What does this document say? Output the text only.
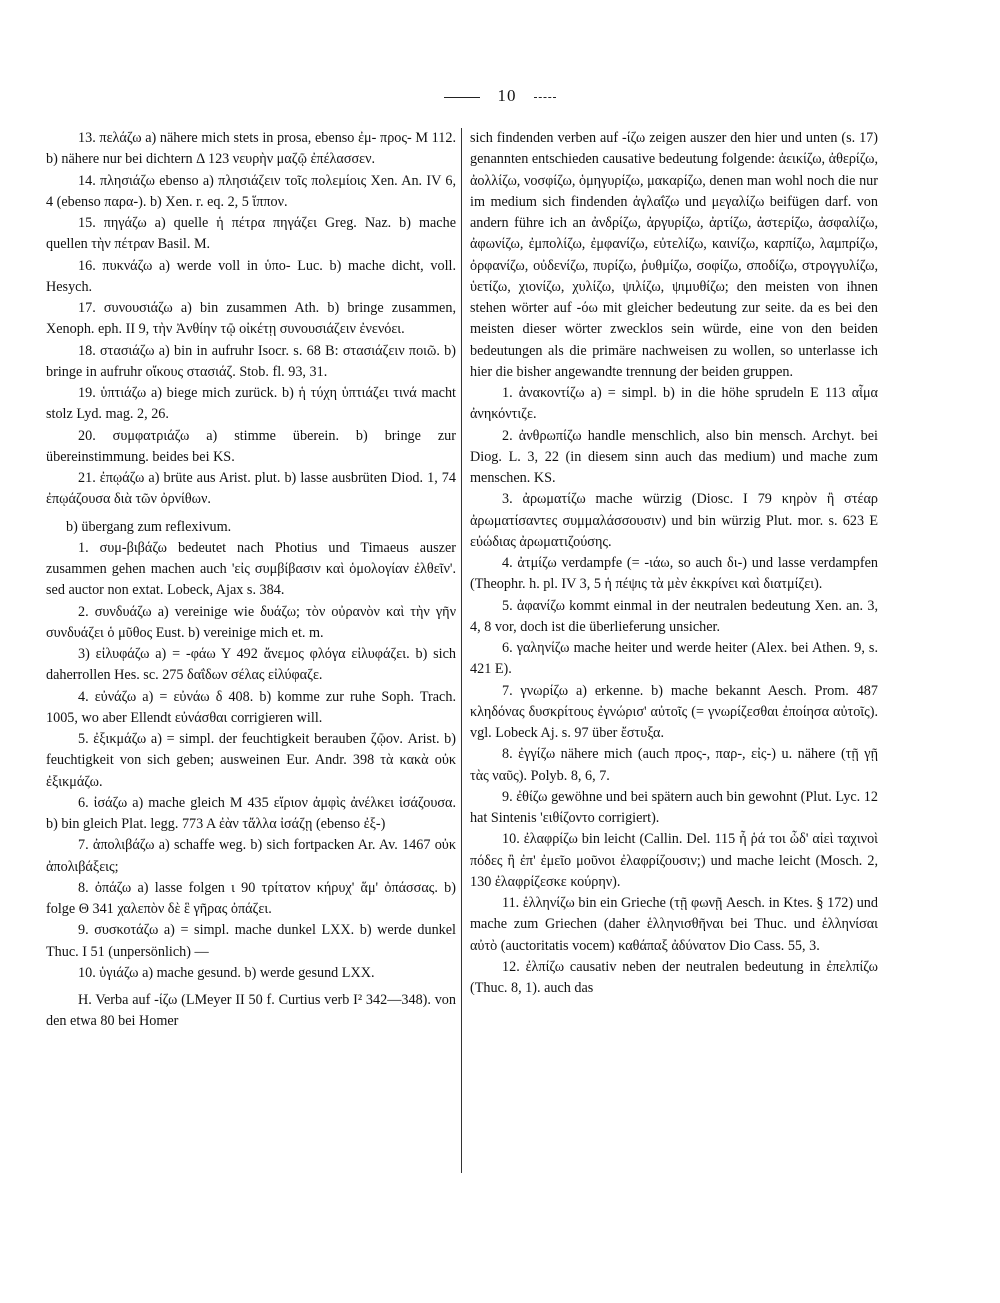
10

13. πελάζω a) nähere mich stets in prosa, ebenso ἐμ- προς- Μ 112. b) nähere nur bei dichtern Δ 123 νευρὴν μαζῷ ἐπέλασσεν.

14. πλησιάζω ebenso a) πλησιάζειν τοῖς πολεμίοις Xen. An. IV 6, 4 (ebenso παρα-). b) Xen. r. eq. 2, 5 ἵππον.

15. πηγάζω a) quelle ἡ πέτρα πηγάζει Greg. Naz. b) mache quellen τὴν πέτραν Basil. M.

16. πυκνάζω a) werde voll in ὑπο- Luc. b) mache dicht, voll. Hesych.

17. συνουσιάζω a) bin zusammen Ath. b) bringe zusammen, Xenoph. eph. II 9, τὴν Ἀνθίην τῷ οἰκέτῃ συνουσιάζειν ἐνενόει.

18. στασιάζω a) bin in aufruhr Isocr. s. 68 B: στασιάζειν ποιῶ. b) bringe in aufruhr οἴκους στασιάζ. Stob. fl. 93, 31.

19. ὑπτιάζω a) biege mich zurück. b) ἡ τύχη ὑπτιάζει τινά macht stolz Lyd. mag. 2, 26.

20. συμφατριάζω a) stimme überein. b) bringe zur übereinstimmung. beides bei KS.

21. ἐπῳάζω a) brüte aus Arist. plut. b) lasse ausbrüten Diod. 1, 74 ἐπῳάζουσα διὰ τῶν ὀρνίθων.

b) übergang zum reflexivum.

1. συμ-βιβάζω bedeutet nach Photius und Timaeus auszer zusammen gehen machen auch 'εἰς συμβίβασιν καὶ ὁμολογίαν ἐλθεῖν'. sed auctor non extat. Lobeck, Ajax s. 384.

2. συνδυάζω a) vereinige wie δυάζω; τὸν οὐρανὸν καὶ τὴν γῆν συνδυάζει ὁ μῦθος Eust. b) vereinige mich et. m.

3) εἰλυφάζω a) = -φάω Υ 492 ἄνεμος φλόγα εἰλυφάζει. b) sich daherrollen Hes. sc. 275 δαΐδων σέλας εἰλύφαζε.

4. εὐνάζω a) = εὐνάω δ 408. b) komme zur ruhe Soph. Trach. 1005, wo aber Ellendt εὐνάσθαι corrigieren will.

5. ἐξικμάζω a) = simpl. der feuchtigkeit berauben ζῷον. Arist. b) feuchtigkeit von sich geben; ausweinen Eur. Andr. 398 τὰ κακὰ οὐκ ἐξικμάζω.

6. ἰσάζω a) mache gleich Μ 435 εἴριον ἀμφὶς ἀνέλκει ἰσάζουσα. b) bin gleich Plat. legg. 773 A ἐὰν τἄλλα ἰσάζῃ (ebenso ἐξ-)

7. ἀπολιβάζω a) schaffe weg. b) sich fortpacken Ar. Av. 1467 οὐκ ἀπολιβάξεις;

8. ὀπάζω a) lasse folgen ι 90 τρίτατον κήρυχ' ἅμ' ὀπάσσας. b) folge Θ 341 χαλεπὸν δὲ ἓ γῆρας ὀπάζει.

9. συσκοτάζω a) = simpl. mache dunkel LXX. b) werde dunkel Thuc. I 51 (unpersönlich) —

10. ὑγιάζω a) mache gesund. b) werde gesund LXX.

H. Verba auf -ίζω (LMeyer II 50 f. Curtius verb I² 342—348). von den etwa 80 bei Homer

sich findenden verben auf -ίζω zeigen auszer den hier und unten (s. 17) genannten entschieden causative bedeutung folgende: ἀεικίζω, ἀθερίζω, ἀολλίζω, νοσφίζω, ὁμηγυρίζω, μακαρίζω, denen man wohl noch die nur im medium sich findenden ἀγλαΐζω und μεγαλίζω beifügen darf. von andern führe ich an ἀνδρίζω, ἀργυρίζω, ἀρτίζω, ἀστερίζω, ἀσφαλίζω, ἀφωνίζω, ἐμπολίζω, ἐμφανίζω, εὐτελίζω, καινίζω, καρπίζω, λαμπρίζω, ὀρφανίζω, οὐδενίζω, πυρίζω, ῥυθμίζω, σοφίζω, σποδίζω, στρογγυλίζω, ὑετίζω, χιονίζω, χυλίζω, ψιλίζω, ψιμυθίζω; den meisten von ihnen stehen wörter auf -όω mit gleicher bedeutung zur seite. da es bei den meisten dieser wörter zwecklos sein würde, eine von den beiden bedeutungen als die primäre nachweisen zu wollen, so unterlasse ich hier die bisher angewandte trennung der beiden gruppen.

1. ἀνακοντίζω a) = simpl. b) in die höhe sprudeln Ε 113 αἷμα ἀνηκόντιζε.

2. ἀνθρωπίζω handle menschlich, also bin mensch. Archyt. bei Diog. L. 3, 22 (in diesem sinn auch das medium) und mache zum menschen. KS.

3. ἀρωματίζω mache würzig (Diosc. I 79 κηρὸν ἢ στέαρ ἀρωματίσαντες συμμαλάσσουσιν) und bin würzig Plut. mor. s. 623 E εὐώδιας ἀρωματιζούσης.

4. ἀτμίζω verdampfe (= -ιάω, so auch δι-) und lasse verdampfen (Theophr. h. pl. IV 3, 5 ἡ πέψις τὰ μὲν ἐκκρίνει καὶ διατμίζει).

5. ἀφανίζω kommt einmal in der neutralen bedeutung Xen. an. 3, 4, 8 vor, doch ist die überlieferung unsicher.

6. γαληνίζω mache heiter und werde heiter (Alex. bei Athen. 9, s. 421 E).

7. γνωρίζω a) erkenne. b) mache bekannt Aesch. Prom. 487 κληδόνας δυσκρίτους ἐγνώρισ' αὐτοῖς (= γνωρίζεσθαι ἐποίησα αὐτοῖς). vgl. Lobeck Aj. s. 97 über ἔστυξα.

8. ἐγγίζω nähere mich (auch προς-, παρ-, εἰς-) u. nähere (τῇ γῇ τὰς ναῦς). Polyb. 8, 6, 7.

9. ἐθίζω gewöhne und bei spätern auch bin gewohnt (Plut. Lyc. 12 hat Sintenis 'ειθίζοντο corrigiert).

10. ἐλαφρίζω bin leicht (Callin. Del. 115 ἦ ῥά τοι ὧδ' αἰεὶ ταχινοὶ πόδες ἢ ἐπ' ἐμεῖο μοῦνοι ἐλαφρίζουσιν;) und mache leicht (Mosch. 2, 130 ἐλαφρίζεσκε κούρην).

11. ἑλληνίζω bin ein Grieche (τῇ φωνῇ Aesch. in Ktes. § 172) und mache zum Griechen (daher ἑλληνισθῆναι bei Thuc. und ἑλληνίσαι αὐτὸ (auctoritatis vocem) καθάπαξ ἀδύνατον Dio Cass. 55, 3.

12. ἐλπίζω causativ neben der neutralen bedeutung in ἐπελπίζω (Thuc. 8, 1). auch das
